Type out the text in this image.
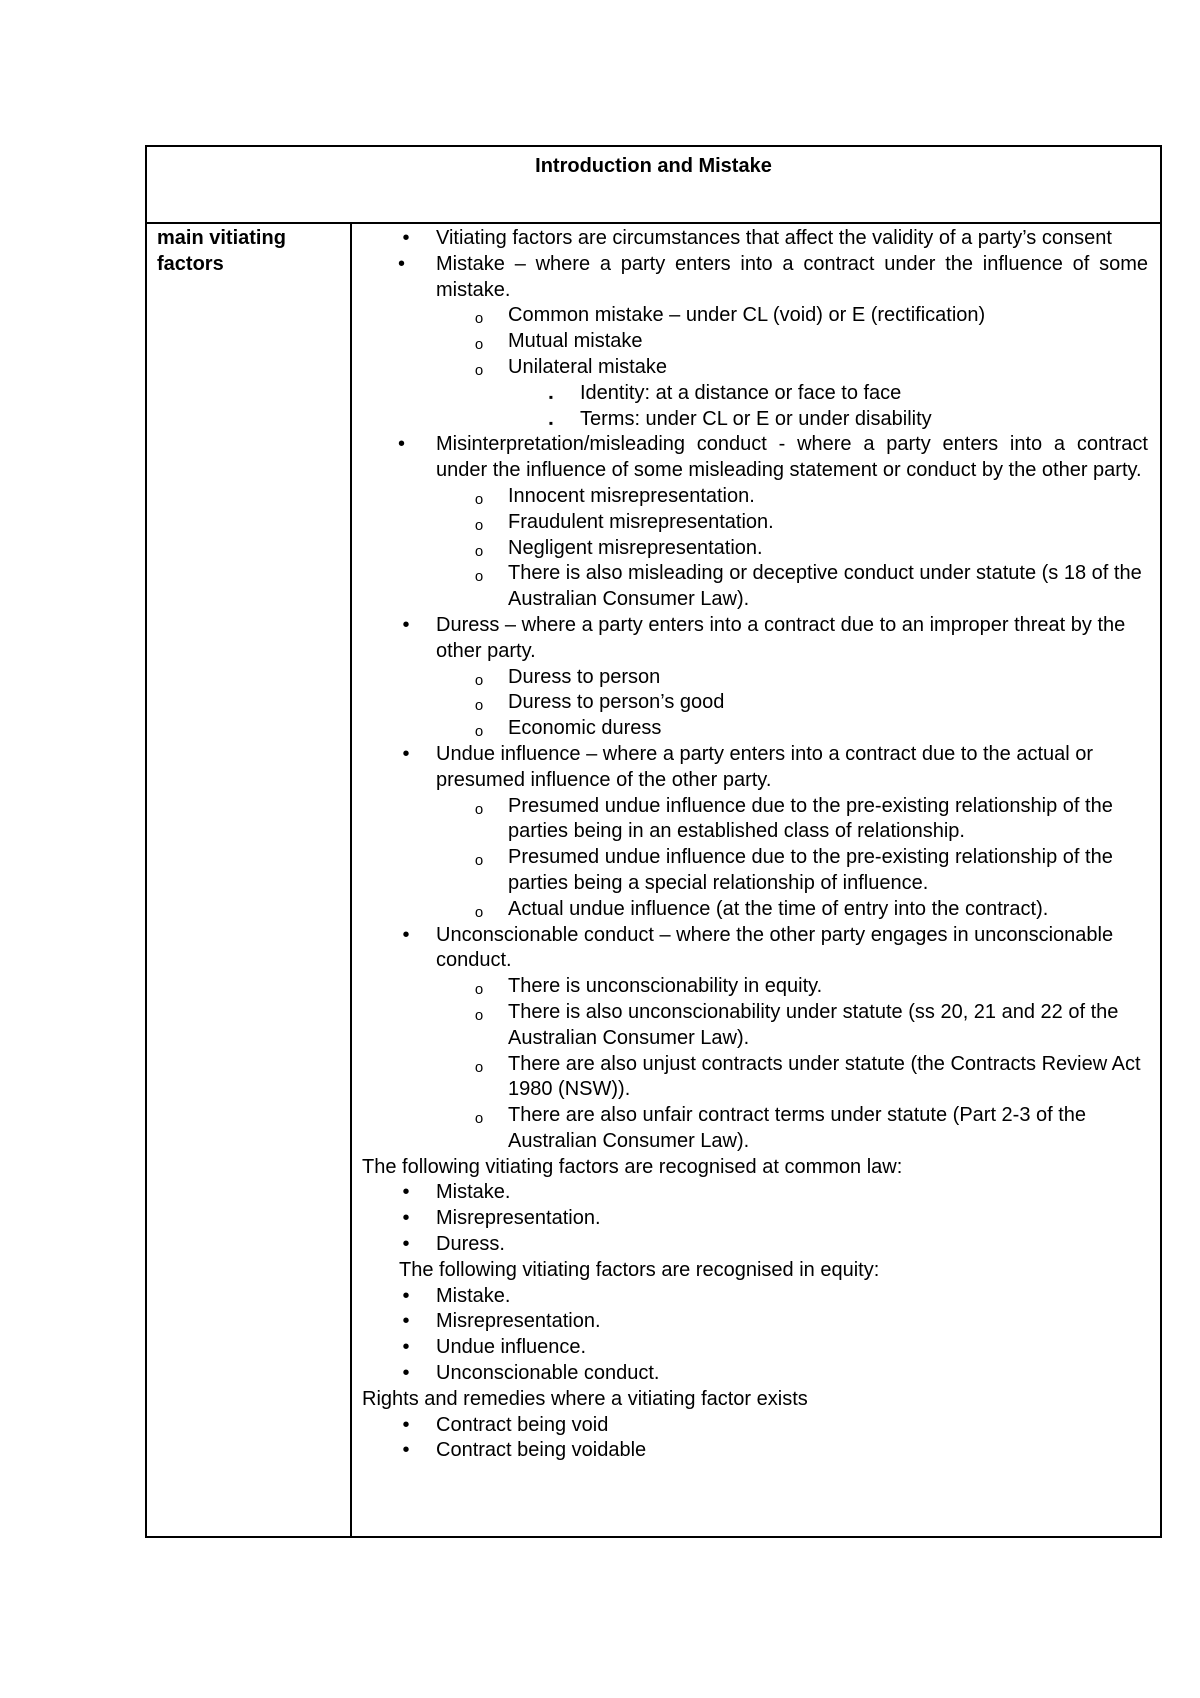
Introduction and Mistake
main vitiating factors
• Vitiating factors are circumstances that affect the validity of a party’s consent
•	Mistake – where a party enters into a contract under the influence of some mistake.
o Common mistake – under CL (void) or E (rectification)
o Mutual mistake
o Unilateral mistake
▪ Identity: at a distance or face to face
▪ Terms: under CL or E or under disability
•	Misinterpretation/misleading conduct - where a party enters into a contract under the influence of some misleading statement or conduct by the other party.
o Innocent misrepresentation.
o Fraudulent misrepresentation.
o Negligent misrepresentation.
o There is also misleading or deceptive conduct under statute (s 18 of the Australian Consumer Law).
• Duress – where a party enters into a contract due to an improper threat by the other party.
o Duress to person
o Duress to person’s good
o Economic duress
• Undue influence – where a party enters into a contract due to the actual or presumed influence of the other party.
o Presumed undue influence due to the pre-existing relationship of the parties being in an established class of relationship.
o Presumed undue influence due to the pre-existing relationship of the parties being a special relationship of influence.
o Actual undue influence (at the time of entry into the contract).
• Unconscionable conduct – where the other party engages in unconscionable conduct.
o There is unconscionability in equity.
o There is also unconscionability under statute (ss 20, 21 and 22 of the Australian Consumer Law).
o There are also unjust contracts under statute (the Contracts Review Act 1980 (NSW)).
o There are also unfair contract terms under statute (Part 2-3 of the Australian Consumer Law).
The following vitiating factors are recognised at common law:
• Mistake.
• Misrepresentation.
• Duress.
The following vitiating factors are recognised in equity:
• Mistake.
• Misrepresentation.
• Undue influence.
• Unconscionable conduct.
Rights and remedies where a vitiating factor exists
• Contract being void
• Contract being voidable
